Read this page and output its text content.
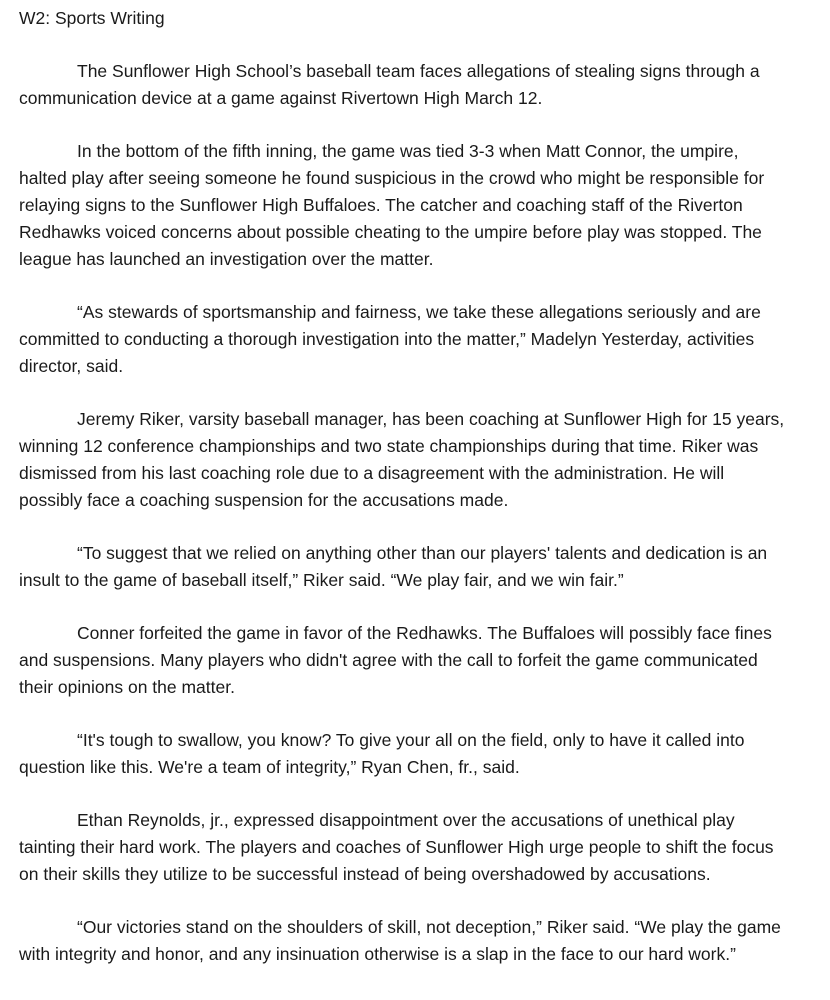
W2: Sports Writing

The Sunflower High School’s baseball team faces allegations of stealing signs through a communication device at a game against Rivertown High March 12.

In the bottom of the fifth inning, the game was tied 3-3 when Matt Connor, the umpire, halted play after seeing someone he found suspicious in the crowd who might be responsible for relaying signs to the Sunflower High Buffaloes. The catcher and coaching staff of the Riverton Redhawks voiced concerns about possible cheating to the umpire before play was stopped. The league has launched an investigation over the matter.

“As stewards of sportsmanship and fairness, we take these allegations seriously and are committed to conducting a thorough investigation into the matter,” Madelyn Yesterday, activities director, said.

Jeremy Riker, varsity baseball manager, has been coaching at Sunflower High for 15 years, winning 12 conference championships and two state championships during that time. Riker was dismissed from his last coaching role due to a disagreement with the administration. He will possibly face a coaching suspension for the accusations made.

“To suggest that we relied on anything other than our players' talents and dedication is an insult to the game of baseball itself,” Riker said. “We play fair, and we win fair.”

Conner forfeited the game in favor of the Redhawks. The Buffaloes will possibly face fines and suspensions. Many players who didn't agree with the call to forfeit the game communicated their opinions on the matter.

“It's tough to swallow, you know? To give your all on the field, only to have it called into question like this. We're a team of integrity,” Ryan Chen, fr., said.

Ethan Reynolds, jr., expressed disappointment over the accusations of unethical play tainting their hard work. The players and coaches of Sunflower High urge people to shift the focus on their skills they utilize to be successful instead of being overshadowed by accusations.

“Our victories stand on the shoulders of skill, not deception,” Riker said. “We play the game with integrity and honor, and any insinuation otherwise is a slap in the face to our hard work.”
